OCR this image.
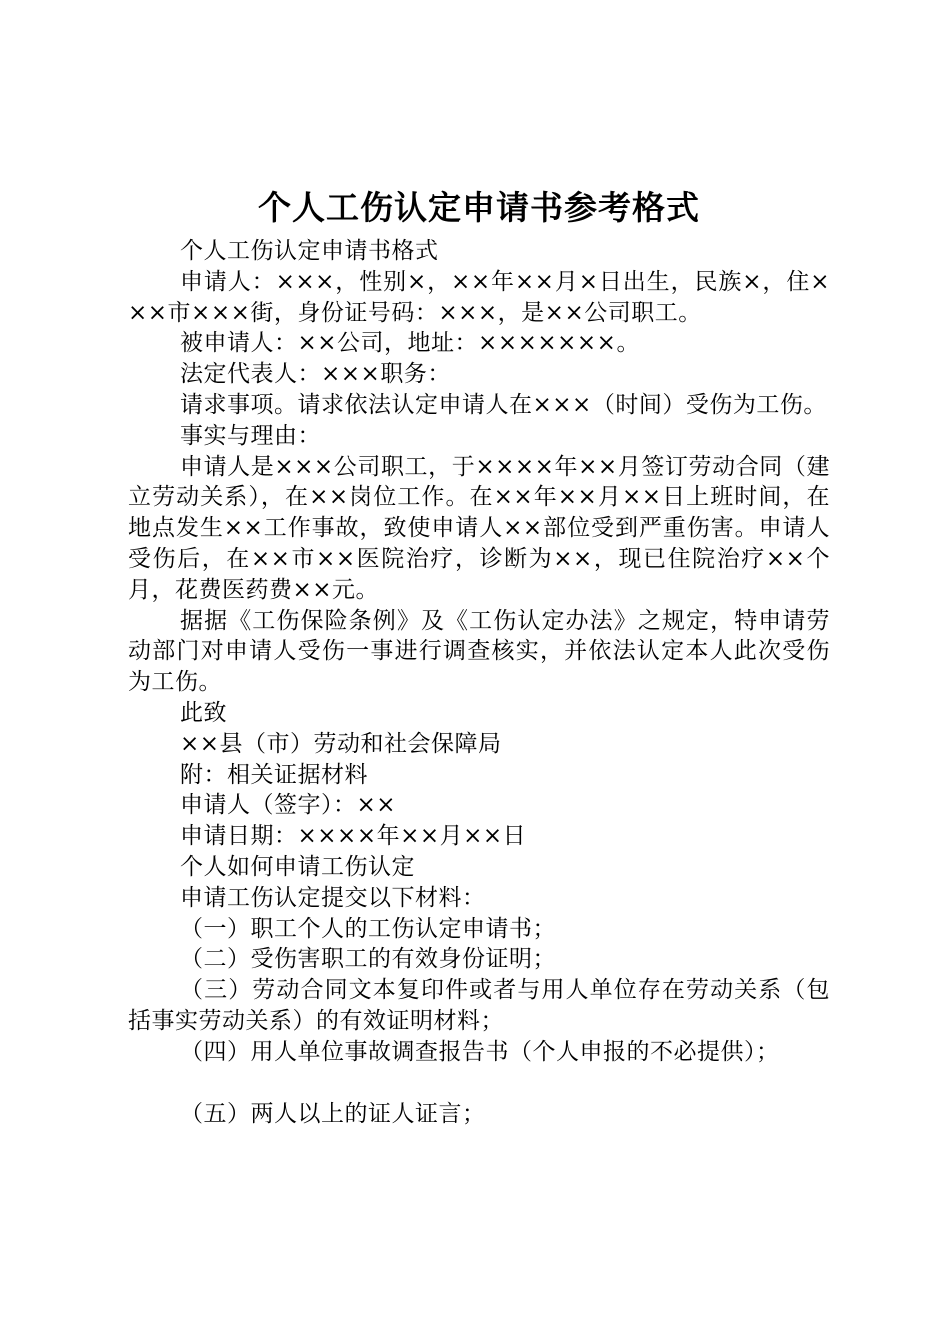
个人工伤认定申请书参考格式

个人工伤认定申请书格式

申请人：×××，性别×，××年××月×日出生，民族×，住×××市×××街，身份证号码：×××，是××公司职工。

被申请人：××公司，地址：×××××××。

法定代表人：×××职务：

请求事项。请求依法认定申请人在×××（时间）受伤为工伤。

事实与理由：

申请人是×××公司职工，于××××年××月签订劳动合同（建立劳动关系），在××岗位工作。在××年××月××日上班时间，在地点发生××工作事故，致使申请人××部位受到严重伤害。申请人受伤后，在××市××医院治疗，诊断为××，现已住院治疗××个月，花费医药费××元。

据据《工伤保险条例》及《工伤认定办法》之规定，特申请劳动部门对申请人受伤一事进行调查核实，并依法认定本人此次受伤为工伤。

此致

××县（市）劳动和社会保障局

附：相关证据材料

申请人（签字）：××

申请日期：××××年××月××日

个人如何申请工伤认定

申请工伤认定提交以下材料：

（一）职工个人的工伤认定申请书；

（二）受伤害职工的有效身份证明；

（三）劳动合同文本复印件或者与用人单位存在劳动关系（包括事实劳动关系）的有效证明材料；

（四）用人单位事故调查报告书（个人申报的不必提供）；

（五）两人以上的证人证言；
